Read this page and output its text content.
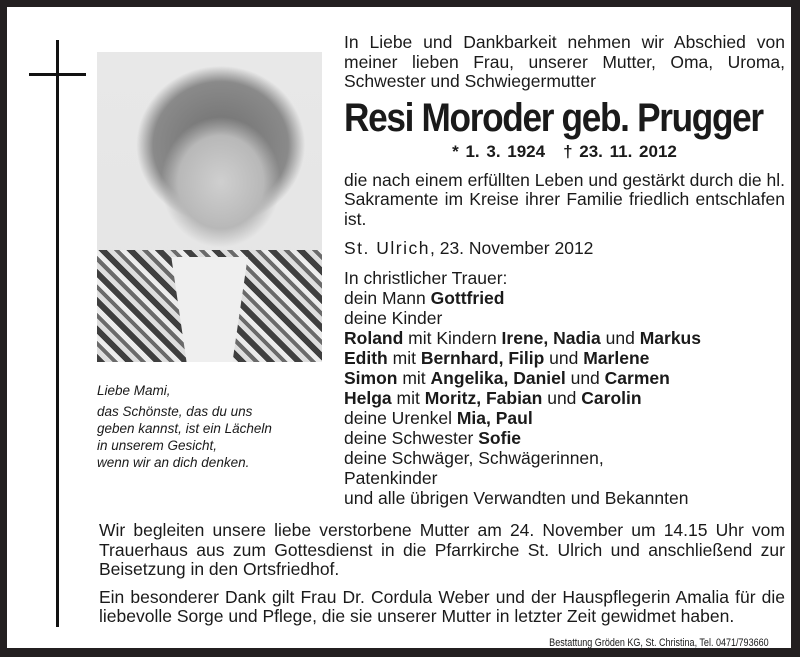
Liebe Mami,
das Schönste, das du uns
geben kannst, ist ein Lächeln
in unserem Gesicht,
wenn wir an dich denken.
In Liebe und Dankbarkeit nehmen wir Abschied von meiner lieben Frau, unserer Mutter, Oma, Uroma, Schwester und Schwiegermutter
Resi Moroder geb. Prugger
* 1. 3. 1924 † 23. 11. 2012
die nach einem erfüllten Leben und gestärkt durch die hl. Sakramente im Kreise ihrer Familie friedlich entschlafen ist.
St. Ulrich, 23. November 2012
In christlicher Trauer:
dein Mann Gottfried
deine Kinder
Roland mit Kindern Irene, Nadia und Markus
Edith mit Bernhard, Filip und Marlene
Simon mit Angelika, Daniel und Carmen
Helga mit Moritz, Fabian und Carolin
deine Urenkel Mia, Paul
deine Schwester Sofie
deine Schwäger, Schwägerinnen,
Patenkinder
und alle übrigen Verwandten und Bekannten

Wir begleiten unsere liebe verstorbene Mutter am 24. November um 14.15 Uhr vom Trauerhaus aus zum Gottesdienst in die Pfarrkirche St. Ulrich und anschließend zur Beisetzung in den Ortsfriedhof.

Ein besonderer Dank gilt Frau Dr. Cordula Weber und der Hauspflegerin Amalia für die liebevolle Sorge und Pflege, die sie unserer Mutter in letzter Zeit gewidmet haben.

Bestattung Gröden KG, St. Christina, Tel. 0471/793660
